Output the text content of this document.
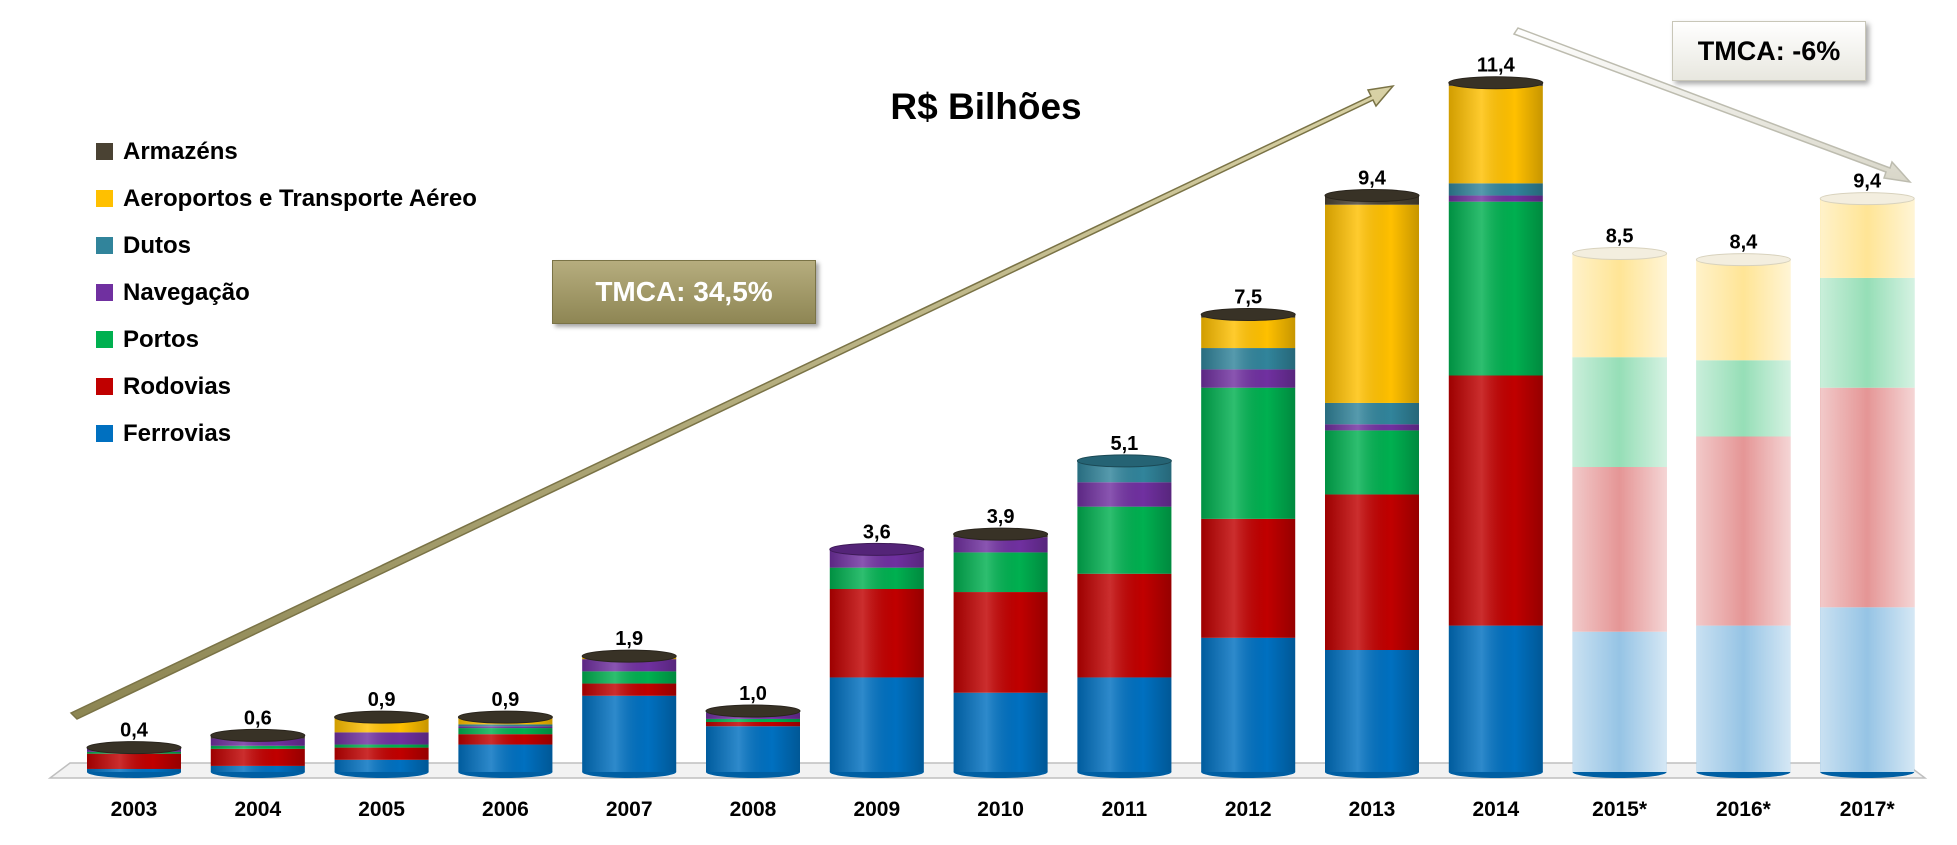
0,4
0,6
0,9	0,9
1,9
1,0
3,6
3,9
5,1
7,5
9,4
11,4
8,5	8,4
9,4
2003	2004	2005	2006	2007	2008	2009	2010	2011	2012	2013	2014	2015*	2016*	2017*
R$ Bilhões
Armazéns
Aeroportos e Transporte Aéreo
Dutos
Navegação
Portos
Rodovias
Ferrovias
TMCA: 34,5%
TMCA: -6%
